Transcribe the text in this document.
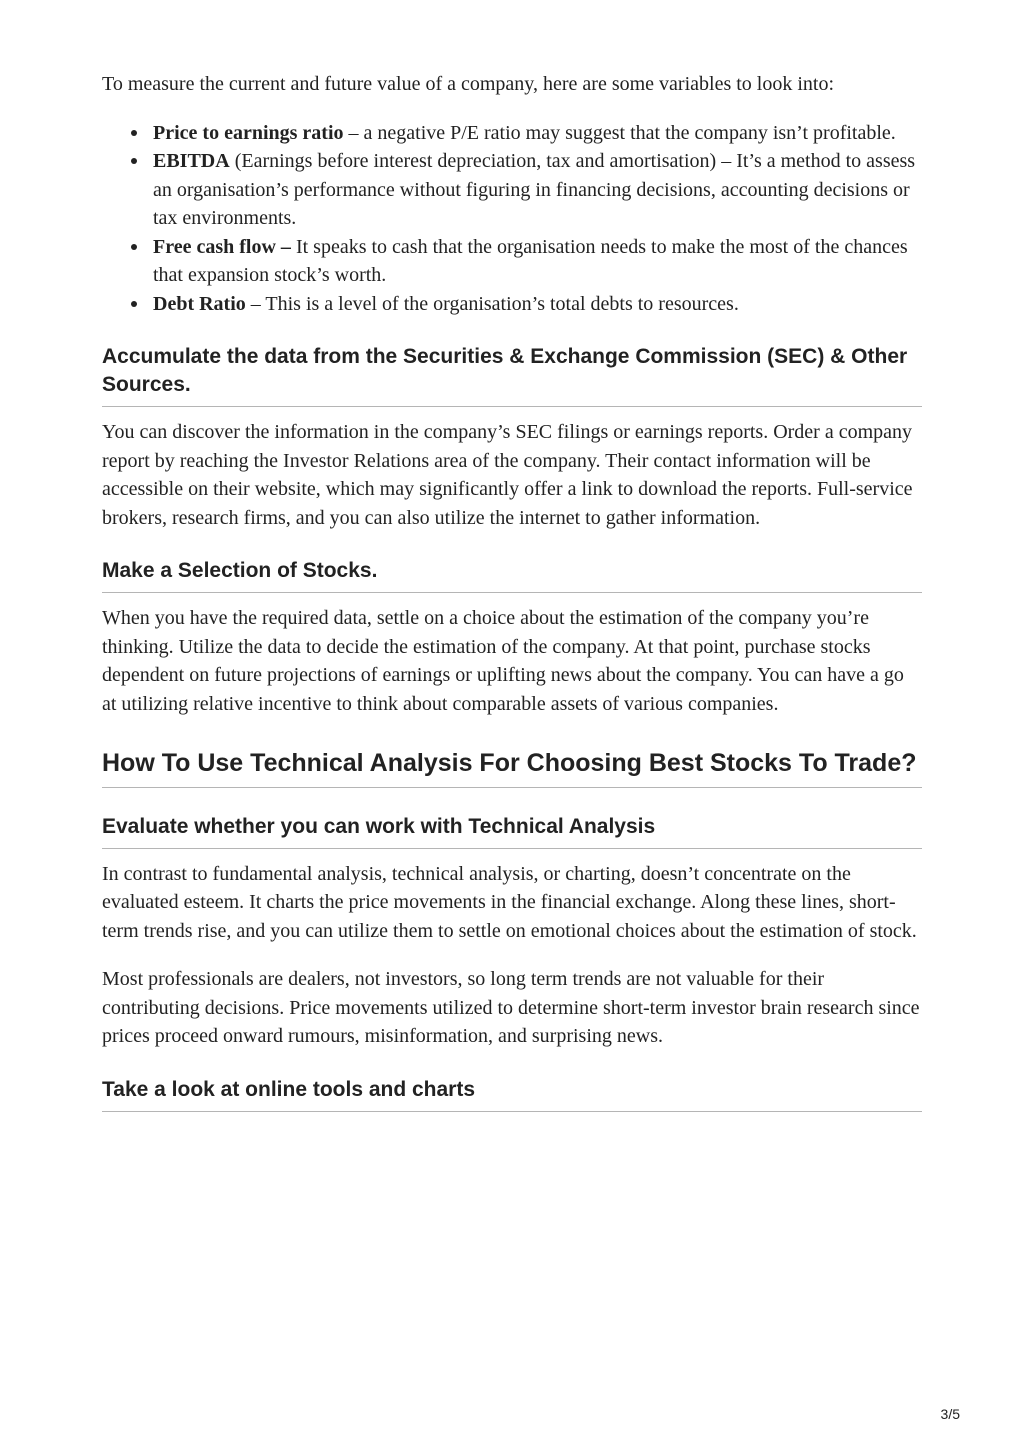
To measure the current and future value of a company, here are some variables to look into:

Price to earnings ratio – a negative P/E ratio may suggest that the company isn’t profitable.
EBITDA (Earnings before interest depreciation, tax and amortisation) – It’s a method to assess an organisation’s performance without figuring in financing decisions, accounting decisions or tax environments.
Free cash flow – It speaks to cash that the organisation needs to make the most of the chances that expansion stock’s worth.
Debt Ratio – This is a level of the organisation’s total debts to resources.
Accumulate the data from the Securities & Exchange Commission (SEC) & Other Sources.

You can discover the information in the company’s SEC filings or earnings reports. Order a company report by reaching the Investor Relations area of the company. Their contact information will be accessible on their website, which may significantly offer a link to download the reports. Full-service brokers, research firms, and you can also utilize the internet to gather information.

Make a Selection of Stocks.

When you have the required data, settle on a choice about the estimation of the company you’re thinking. Utilize the data to decide the estimation of the company. At that point, purchase stocks dependent on future projections of earnings or uplifting news about the company. You can have a go at utilizing relative incentive to think about comparable assets of various companies.

How To Use Technical Analysis For Choosing Best Stocks To Trade?
Evaluate whether you can work with Technical Analysis

In contrast to fundamental analysis, technical analysis, or charting, doesn’t concentrate on the evaluated esteem. It charts the price movements in the financial exchange. Along these lines, short-term trends rise, and you can utilize them to settle on emotional choices about the estimation of stock.

Most professionals are dealers, not investors, so long term trends are not valuable for their contributing decisions. Price movements utilized to determine short-term investor brain research since prices proceed onward rumours, misinformation, and surprising news.

Take a look at online tools and charts
3/5
